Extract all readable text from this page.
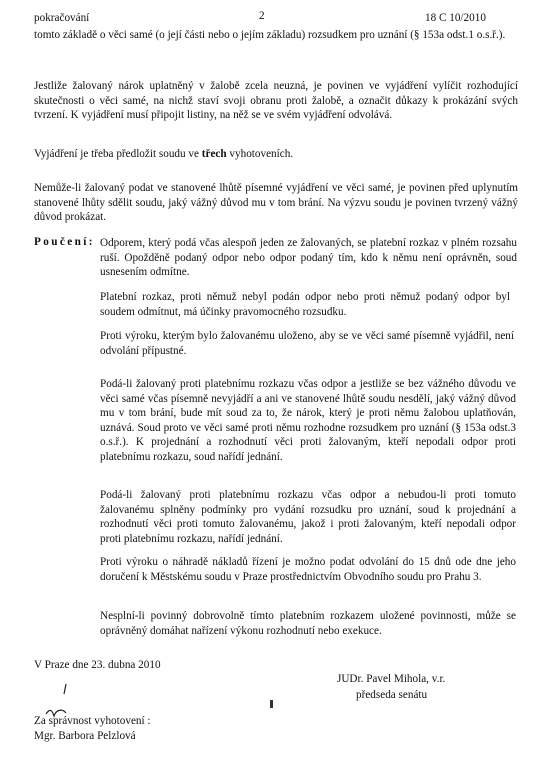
pokračování	2	18 C 10/2010
tomto základě o věci samé (o její části nebo o jejím základu) rozsudkem pro uznání (§ 153a odst.1 o.s.ř.).
Jestliže žalovaný nárok uplatněný v žalobě zcela neuzná, je povinen ve vyjádření vylíčit rozhodující skutečnosti o věci samé, na nichž staví svoji obranu proti žalobě, a označit důkazy k prokázání svých tvrzení. K vyjádření musí připojit listiny, na něž se ve svém vyjádření odvolává.
Vyjádření je třeba předložit soudu ve třech vyhotoveních.
Nemůže-li žalovaný podat ve stanovené lhůtě písemné vyjádření ve věci samé, je povinen před uplynutím stanovené lhůty sdělit soudu, jaký vážný důvod mu v tom brání. Na výzvu soudu je povinen tvrzený vážný důvod prokázat.
Poučení: Odporem, který podá včas alespoň jeden ze žalovaných, se platební rozkaz v plném rozsahu ruší. Opožděně podaný odpor nebo odpor podaný tím, kdo k němu není oprávněn, soud usnesením odmítne.
Platební rozkaz, proti němuž nebyl podán odpor nebo proti němuž podaný odpor byl soudem odmítnut, má účinky pravomocného rozsudku.
Proti výroku, kterým bylo žalovanému uloženo, aby se ve věci samé písemně vyjádřil, není odvolání přípustné.
Podá-li žalovaný proti platebnímu rozkazu včas odpor a jestliže se bez vážného důvodu ve věci samé včas písemně nevyjádří a ani ve stanovené lhůtě soudu nesdělí, jaký vážný důvod mu v tom brání, bude mít soud za to, že nárok, který je proti němu žalobou uplatňován, uznává. Soud proto ve věci samé proti němu rozhodne rozsudkem pro uznání (§ 153a odst.3 o.s.ř.). K projednání a rozhodnutí věci proti žalovaným, kteří nepodali odpor proti platebnímu rozkazu, soud nařídí jednání.
Podá-li žalovaný proti platebnímu rozkazu včas odpor a nebudou-li proti tomuto žalovanému splněny podmínky pro vydání rozsudku pro uznání, soud k projednání a rozhodnutí věci proti tomuto žalovanému, jakož i proti žalovaným, kteří nepodali odpor proti platebnímu rozkazu, nařídí jednání.
Proti výroku o náhradě nákladů řízení je možno podat odvolání do 15 dnů ode dne jeho doručení k Městskému soudu v Praze prostřednictvím Obvodního soudu pro Prahu 3.
Nesplní-li povinný dobrovolně tímto platebním rozkazem uložené povinnosti, může se oprávněný domáhat nařízení výkonu rozhodnutí nebo exekuce.
V Praze dne 23. dubna 2010
JUDr. Pavel Mihola, v.r.
předseda senátu
Za správnost vyhotovení :
Mgr. Barbora Pelzlová
